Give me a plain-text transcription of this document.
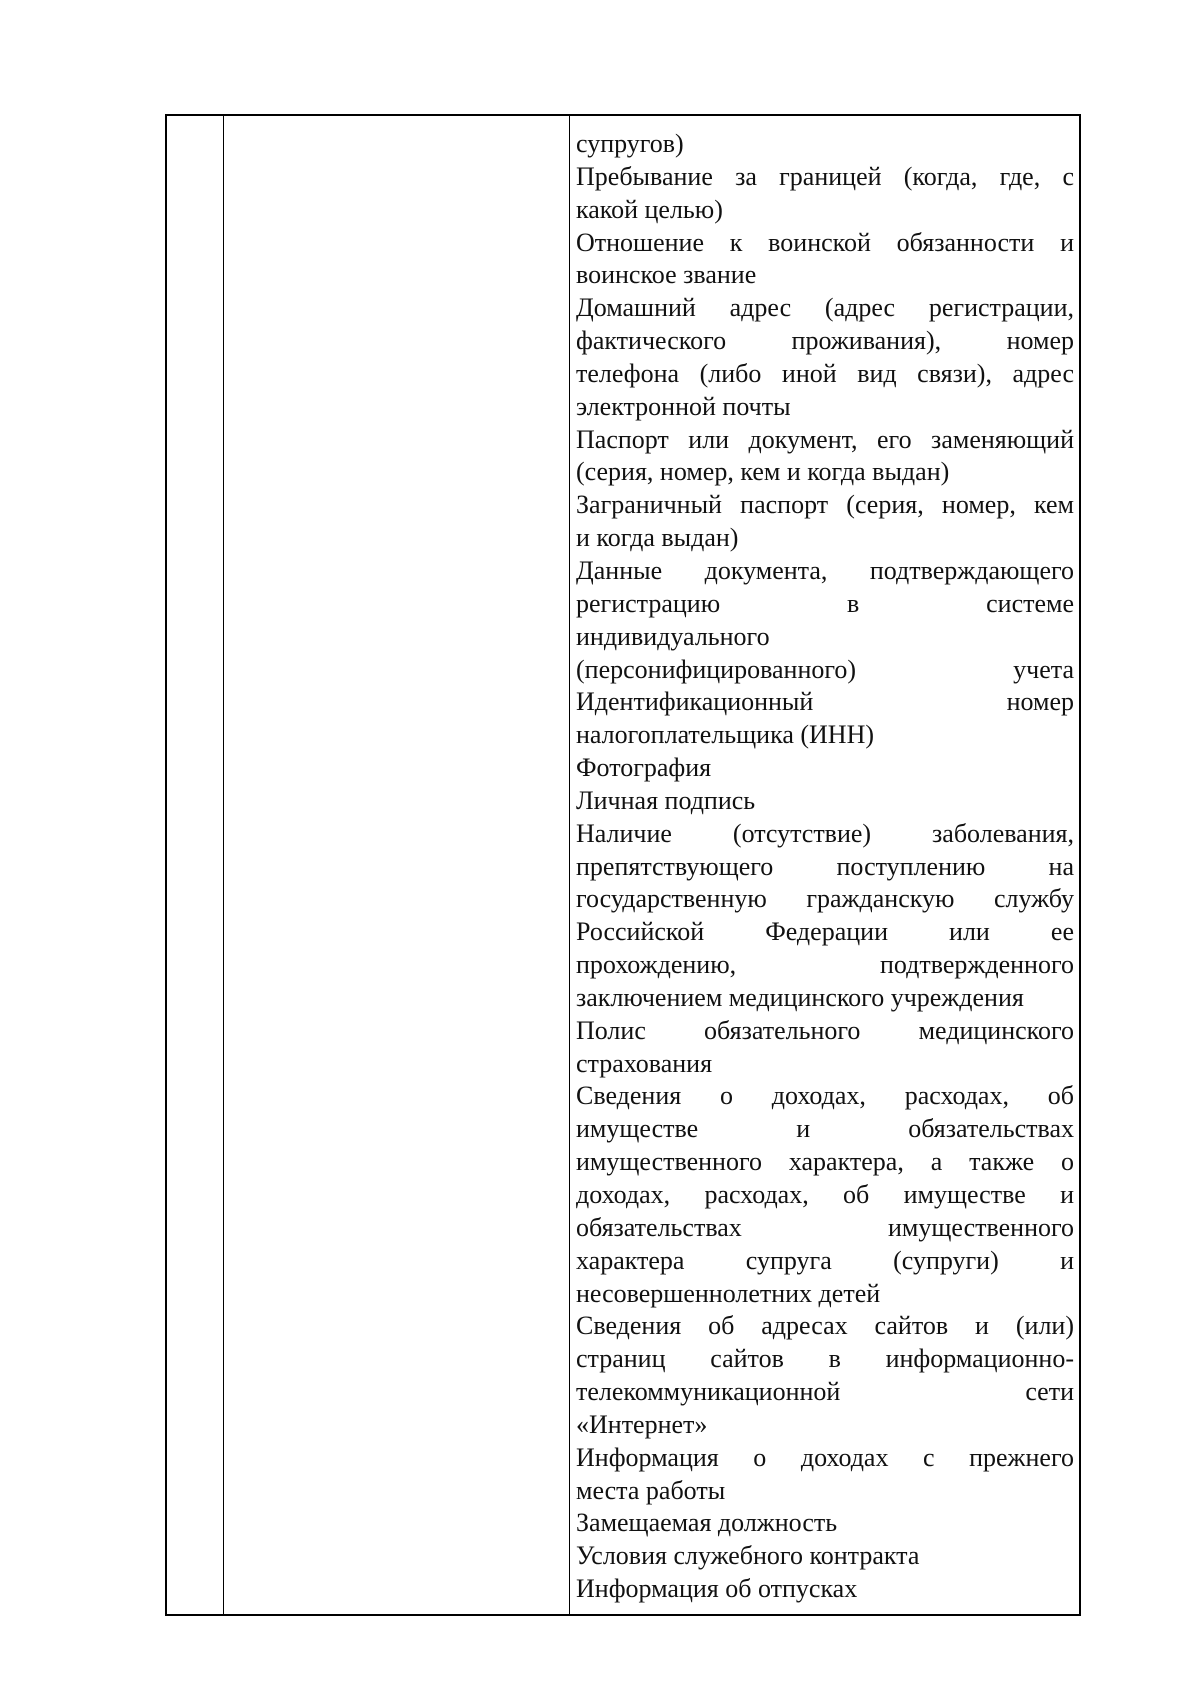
супругов)
Пребывание за границей (когда, где, с
какой целью)
Отношение к воинской обязанности и
воинское звание
Домашний адрес (адрес регистрации,
фактического проживания), номер
телефона (либо иной вид связи), адрес
электронной почты
Паспорт или документ, его заменяющий
(серия, номер, кем и когда выдан)
Заграничный паспорт (серия, номер, кем
и когда выдан)
Данные документа, подтверждающего
регистрацию в системе
индивидуального
(персонифицированного) учета
Идентификационный номер
налогоплательщика (ИНН)
Фотография
Личная подпись
Наличие (отсутствие) заболевания,
препятствующего поступлению на
государственную гражданскую службу
Российской Федерации или ее
прохождению, подтвержденного
заключением медицинского учреждения
Полис обязательного медицинского
страхования
Сведения о доходах, расходах, об
имуществе и обязательствах
имущественного характера, а также о
доходах, расходах, об имуществе и
обязательствах имущественного
характера супруга (супруги) и
несовершеннолетних детей
Сведения об адресах сайтов и (или)
страниц сайтов в информационно-
телекоммуникационной сети
«Интернет»
Информация о доходах с прежнего
места работы
Замещаемая должность
Условия служебного контракта
Информация об отпусках
